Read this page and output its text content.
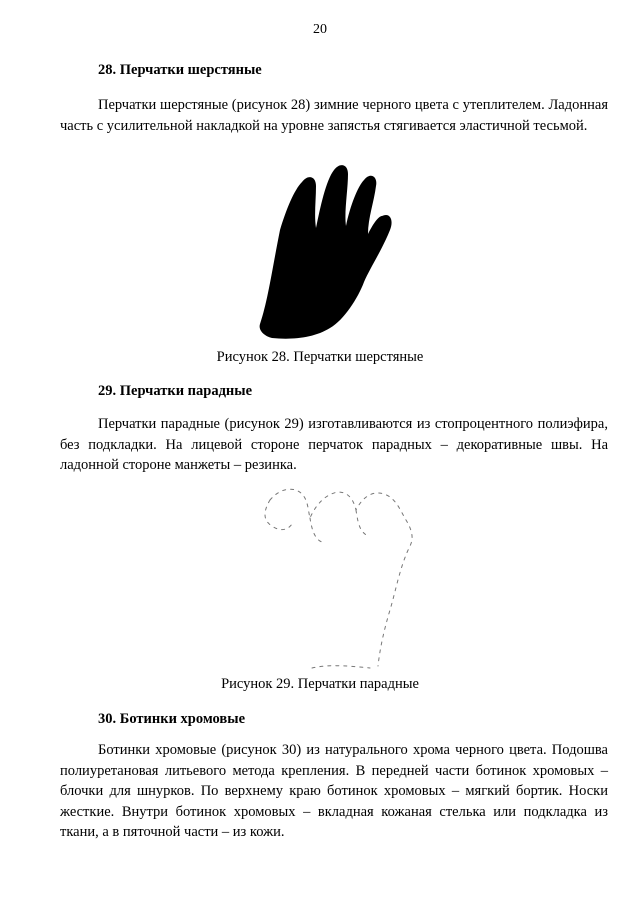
20
28. Перчатки шерстяные

Перчатки шерстяные (рисунок 28) зимние черного цвета с утеплителем. Ладонная часть с усилительной накладкой на уровне запястья стягивается эластичной тесьмой.

Рисунок 28. Перчатки шерстяные
29. Перчатки парадные

Перчатки парадные (рисунок 29) изготавливаются из стопроцентного полиэфира, без подкладки. На лицевой стороне перчаток парадных – декоративные швы. На ладонной стороне манжеты – резинка.

Рисунок 29. Перчатки парадные
30. Ботинки хромовые

Ботинки хромовые (рисунок 30) из натурального хрома черного цвета. Подошва полиуретановая литьевого метода крепления. В передней части ботинок хромовых – блочки для шнурков. По верхнему краю ботинок хромовых – мягкий бортик. Носки жесткие. Внутри ботинок хромовых – вкладная кожаная стелька или подкладка из ткани, а в пяточной части – из кожи.
